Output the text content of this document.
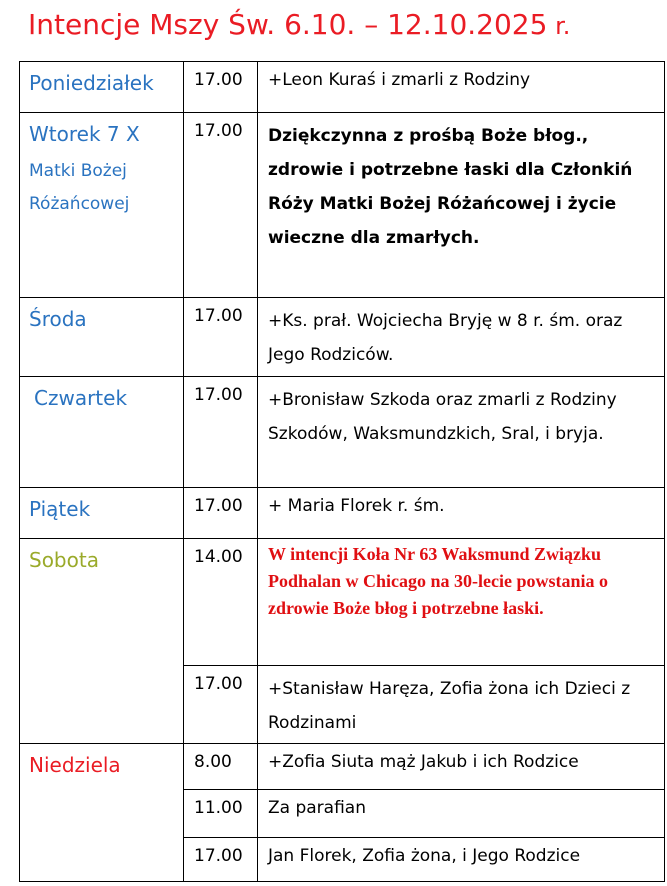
Intencje Mszy Św. 6.10. – 12.10.2025 r.
Poniedziałek	17.00	+Leon Kuraś i zmarli z Rodziny

Wtorek 7 X
Matki Bożej Różańcowej	17.00	Dziękczynna z prośbą Boże błog., zdrowie i potrzebne łaski dla Członkiń Róży Matki Bożej Różańcowej i życie wieczne dla zmarłych.

Środa	17.00	+Ks. prał. Wojciecha Bryję w 8 r. śm. oraz Jego Rodziców.

Czwartek	17.00	+Bronisław Szkoda oraz zmarli z Rodziny Szkodów, Waksmundzkich, Sral, i bryja.

Piątek	17.00	+ Maria Florek r. śm.

Sobota	14.00	W intencji Koła Nr 63 Waksmund Związku Podhalan w Chicago na 30-lecie powstania o zdrowie Boże błog i potrzebne łaski.

	17.00	+Stanisław Haręza, Zofia żona ich Dzieci z Rodzinami

Niedziela	8.00	+Zofia Siuta mąż Jakub i ich Rodzice

	11.00	Za parafian

	17.00	Jan Florek, Zofia żona, i Jego Rodzice
